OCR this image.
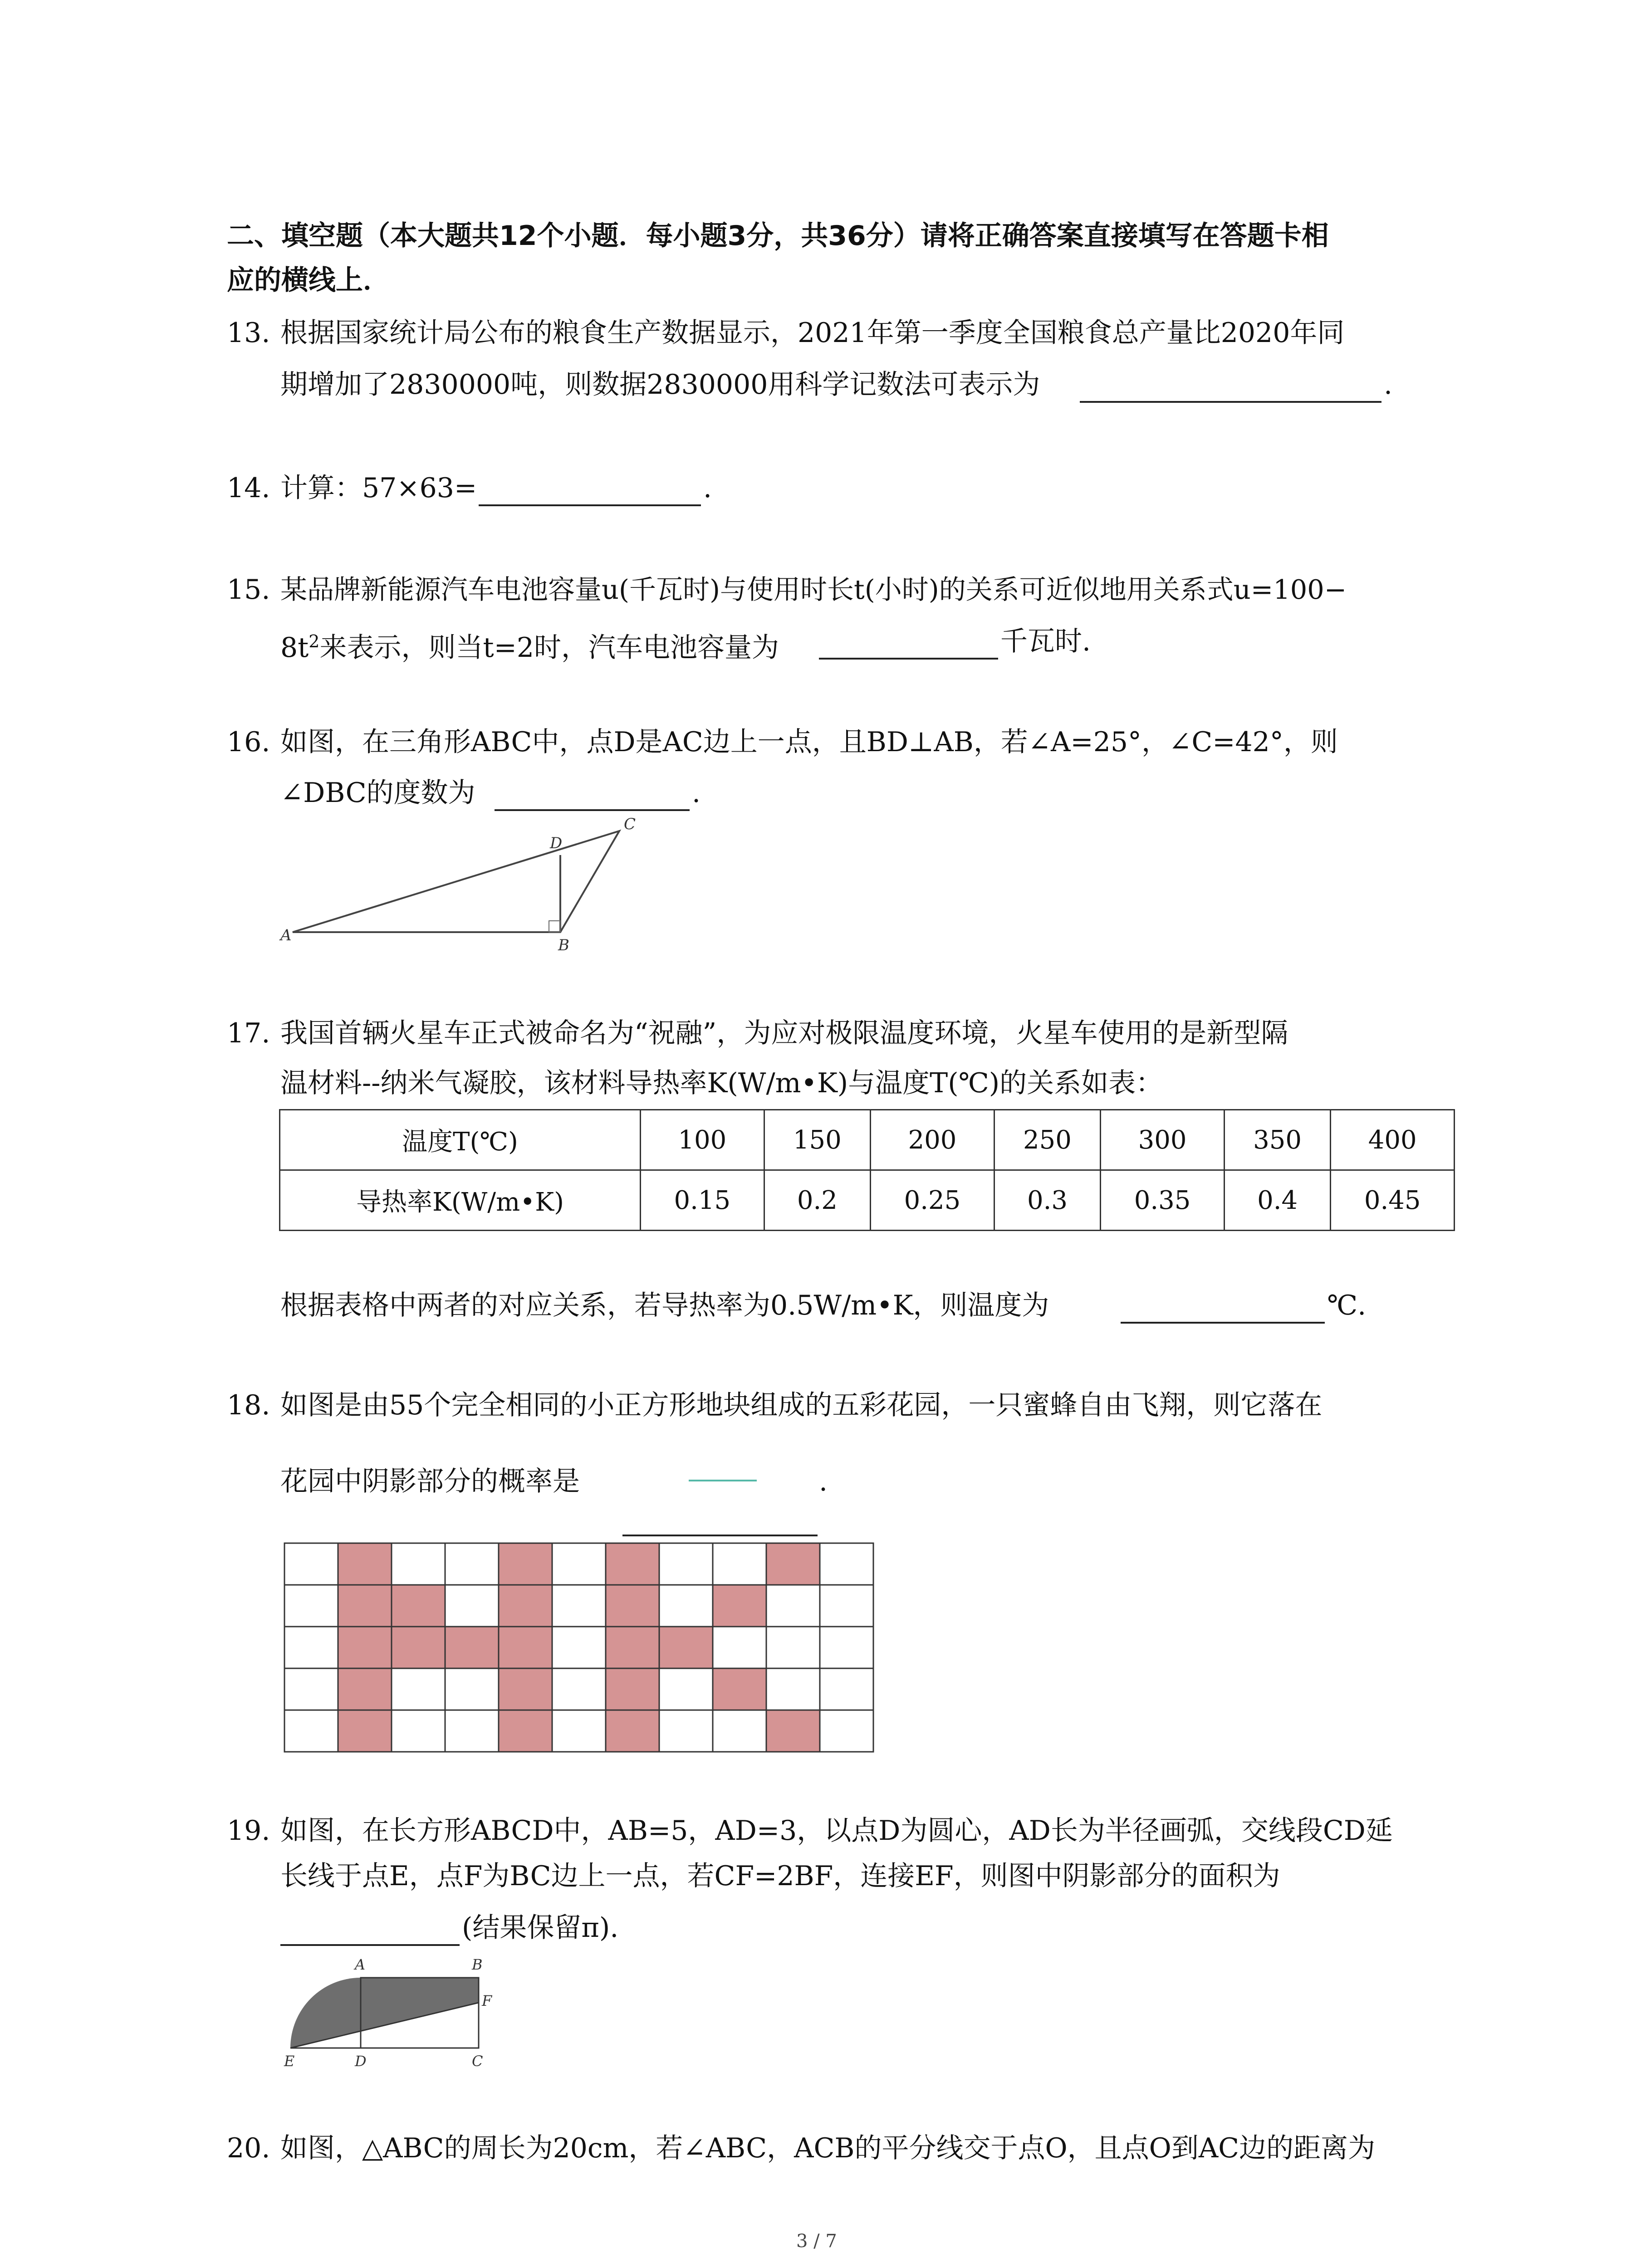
二、填空题（本大题共12个小题．每小题3分，共36分）请将正确答案直接填写在答题卡相
应的横线上．
13. 根据国家统计局公布的粮食生产数据显示，2021年第一季度全国粮食总产量比2020年同
期增加了2830000吨，则数据2830000用科学记数法可表示为	.
14. 计算：57×63=	.
15. 某品牌新能源汽车电池容量u(千瓦时)与使用时长t(小时)的关系可近似地用关系式u=100−
$8t^2$来表示，则当t=2时，汽车电池容量为	千瓦时.
16. 如图，在三角形ABC中，点D是AC边上一点，且BD⊥AB，若∠A=25°，∠C=42°，则
∠DBC的度数为	.
A
B
C
D
17. 我国首辆火星车正式被命名为“祝融”，为应对极限温度环境，火星车使用的是新型隔
温材料--纳米气凝胶，该材料导热率K(W/m•K)与温度T(℃)的关系如表：
温度T(℃)	100	150	200	250	300	350	400
导热率K(W/m•K)	0.15	0.2	0.25	0.3	0.35	0.4	0.45
根据表格中两者的对应关系，若导热率为0.5W/m•K，则温度为	℃.
18. 如图是由55个完全相同的小正方形地块组成的五彩花园，一只蜜蜂自由飞翔，则它落在
花园中阴影部分的概率是	.
19. 如图，在长方形ABCD中，AB=5，AD=3，以点D为圆心，AD长为半径画弧，交线段CD延
长线于点E，点F为BC边上一点，若CF=2BF，连接EF，则图中阴影部分的面积为
(结果保留π).
A	B
C
D
E
F
20. 如图，△ABC的周长为20cm，若∠ABC，ACB的平分线交于点O，且点O到AC边的距离为
3 / 7
